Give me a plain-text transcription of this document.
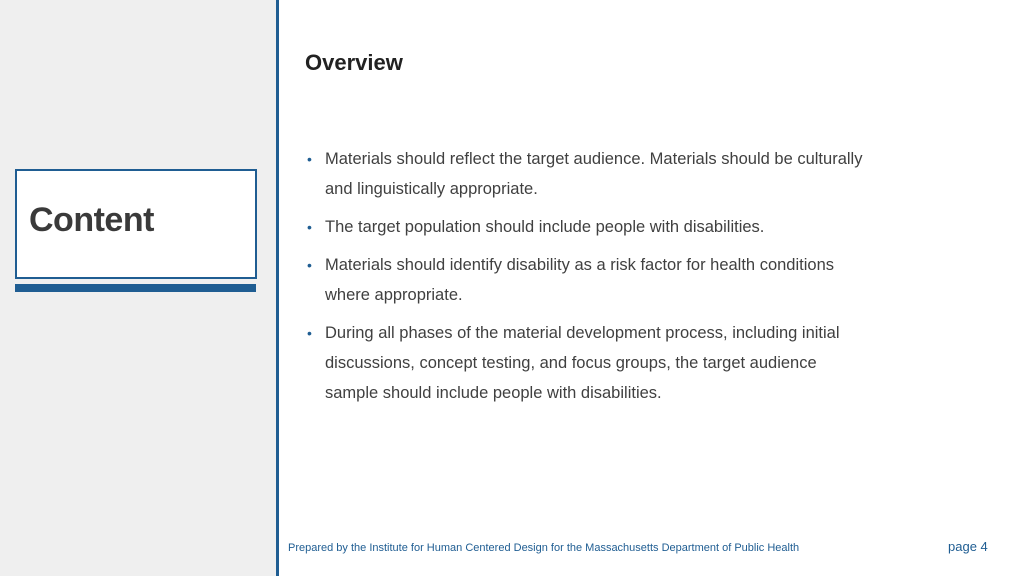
Content
Overview
• Materials should reflect the target audience. Materials should be culturally and linguistically appropriate.
• The target population should include people with disabilities.
• Materials should identify disability as a risk factor for health conditions where appropriate.
• During all phases of the material development process, including initial discussions, concept testing, and focus groups, the target audience sample should include people with disabilities.
Prepared by the Institute for Human Centered Design for the Massachusetts Department of Public Health	page 4
